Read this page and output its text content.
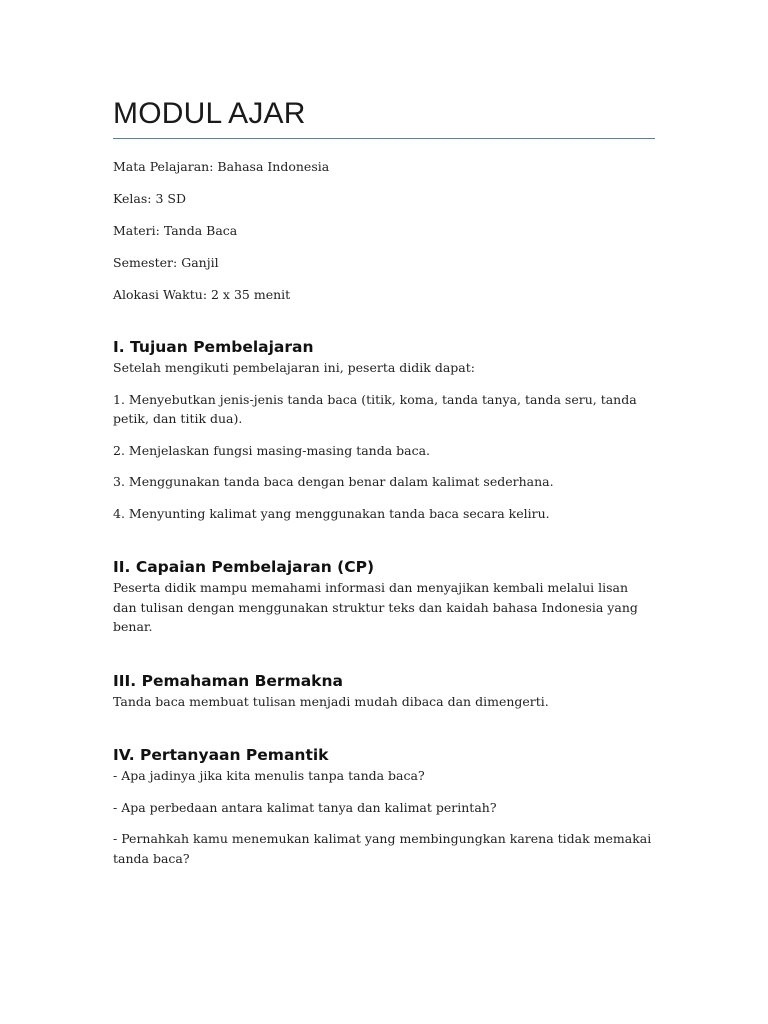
MODUL AJAR

Mata Pelajaran: Bahasa Indonesia

Kelas: 3 SD

Materi: Tanda Baca

Semester: Ganjil

Alokasi Waktu: 2 x 35 menit

I. Tujuan Pembelajaran

Setelah mengikuti pembelajaran ini, peserta didik dapat:

1. Menyebutkan jenis-jenis tanda baca (titik, koma, tanda tanya, tanda seru, tanda petik, dan titik dua).

2. Menjelaskan fungsi masing-masing tanda baca.

3. Menggunakan tanda baca dengan benar dalam kalimat sederhana.

4. Menyunting kalimat yang menggunakan tanda baca secara keliru.

II. Capaian Pembelajaran (CP)

Peserta didik mampu memahami informasi dan menyajikan kembali melalui lisan dan tulisan dengan menggunakan struktur teks dan kaidah bahasa Indonesia yang benar.

III. Pemahaman Bermakna

Tanda baca membuat tulisan menjadi mudah dibaca dan dimengerti.

IV. Pertanyaan Pemantik

- Apa jadinya jika kita menulis tanpa tanda baca?

- Apa perbedaan antara kalimat tanya dan kalimat perintah?

- Pernahkah kamu menemukan kalimat yang membingungkan karena tidak memakai tanda baca?
